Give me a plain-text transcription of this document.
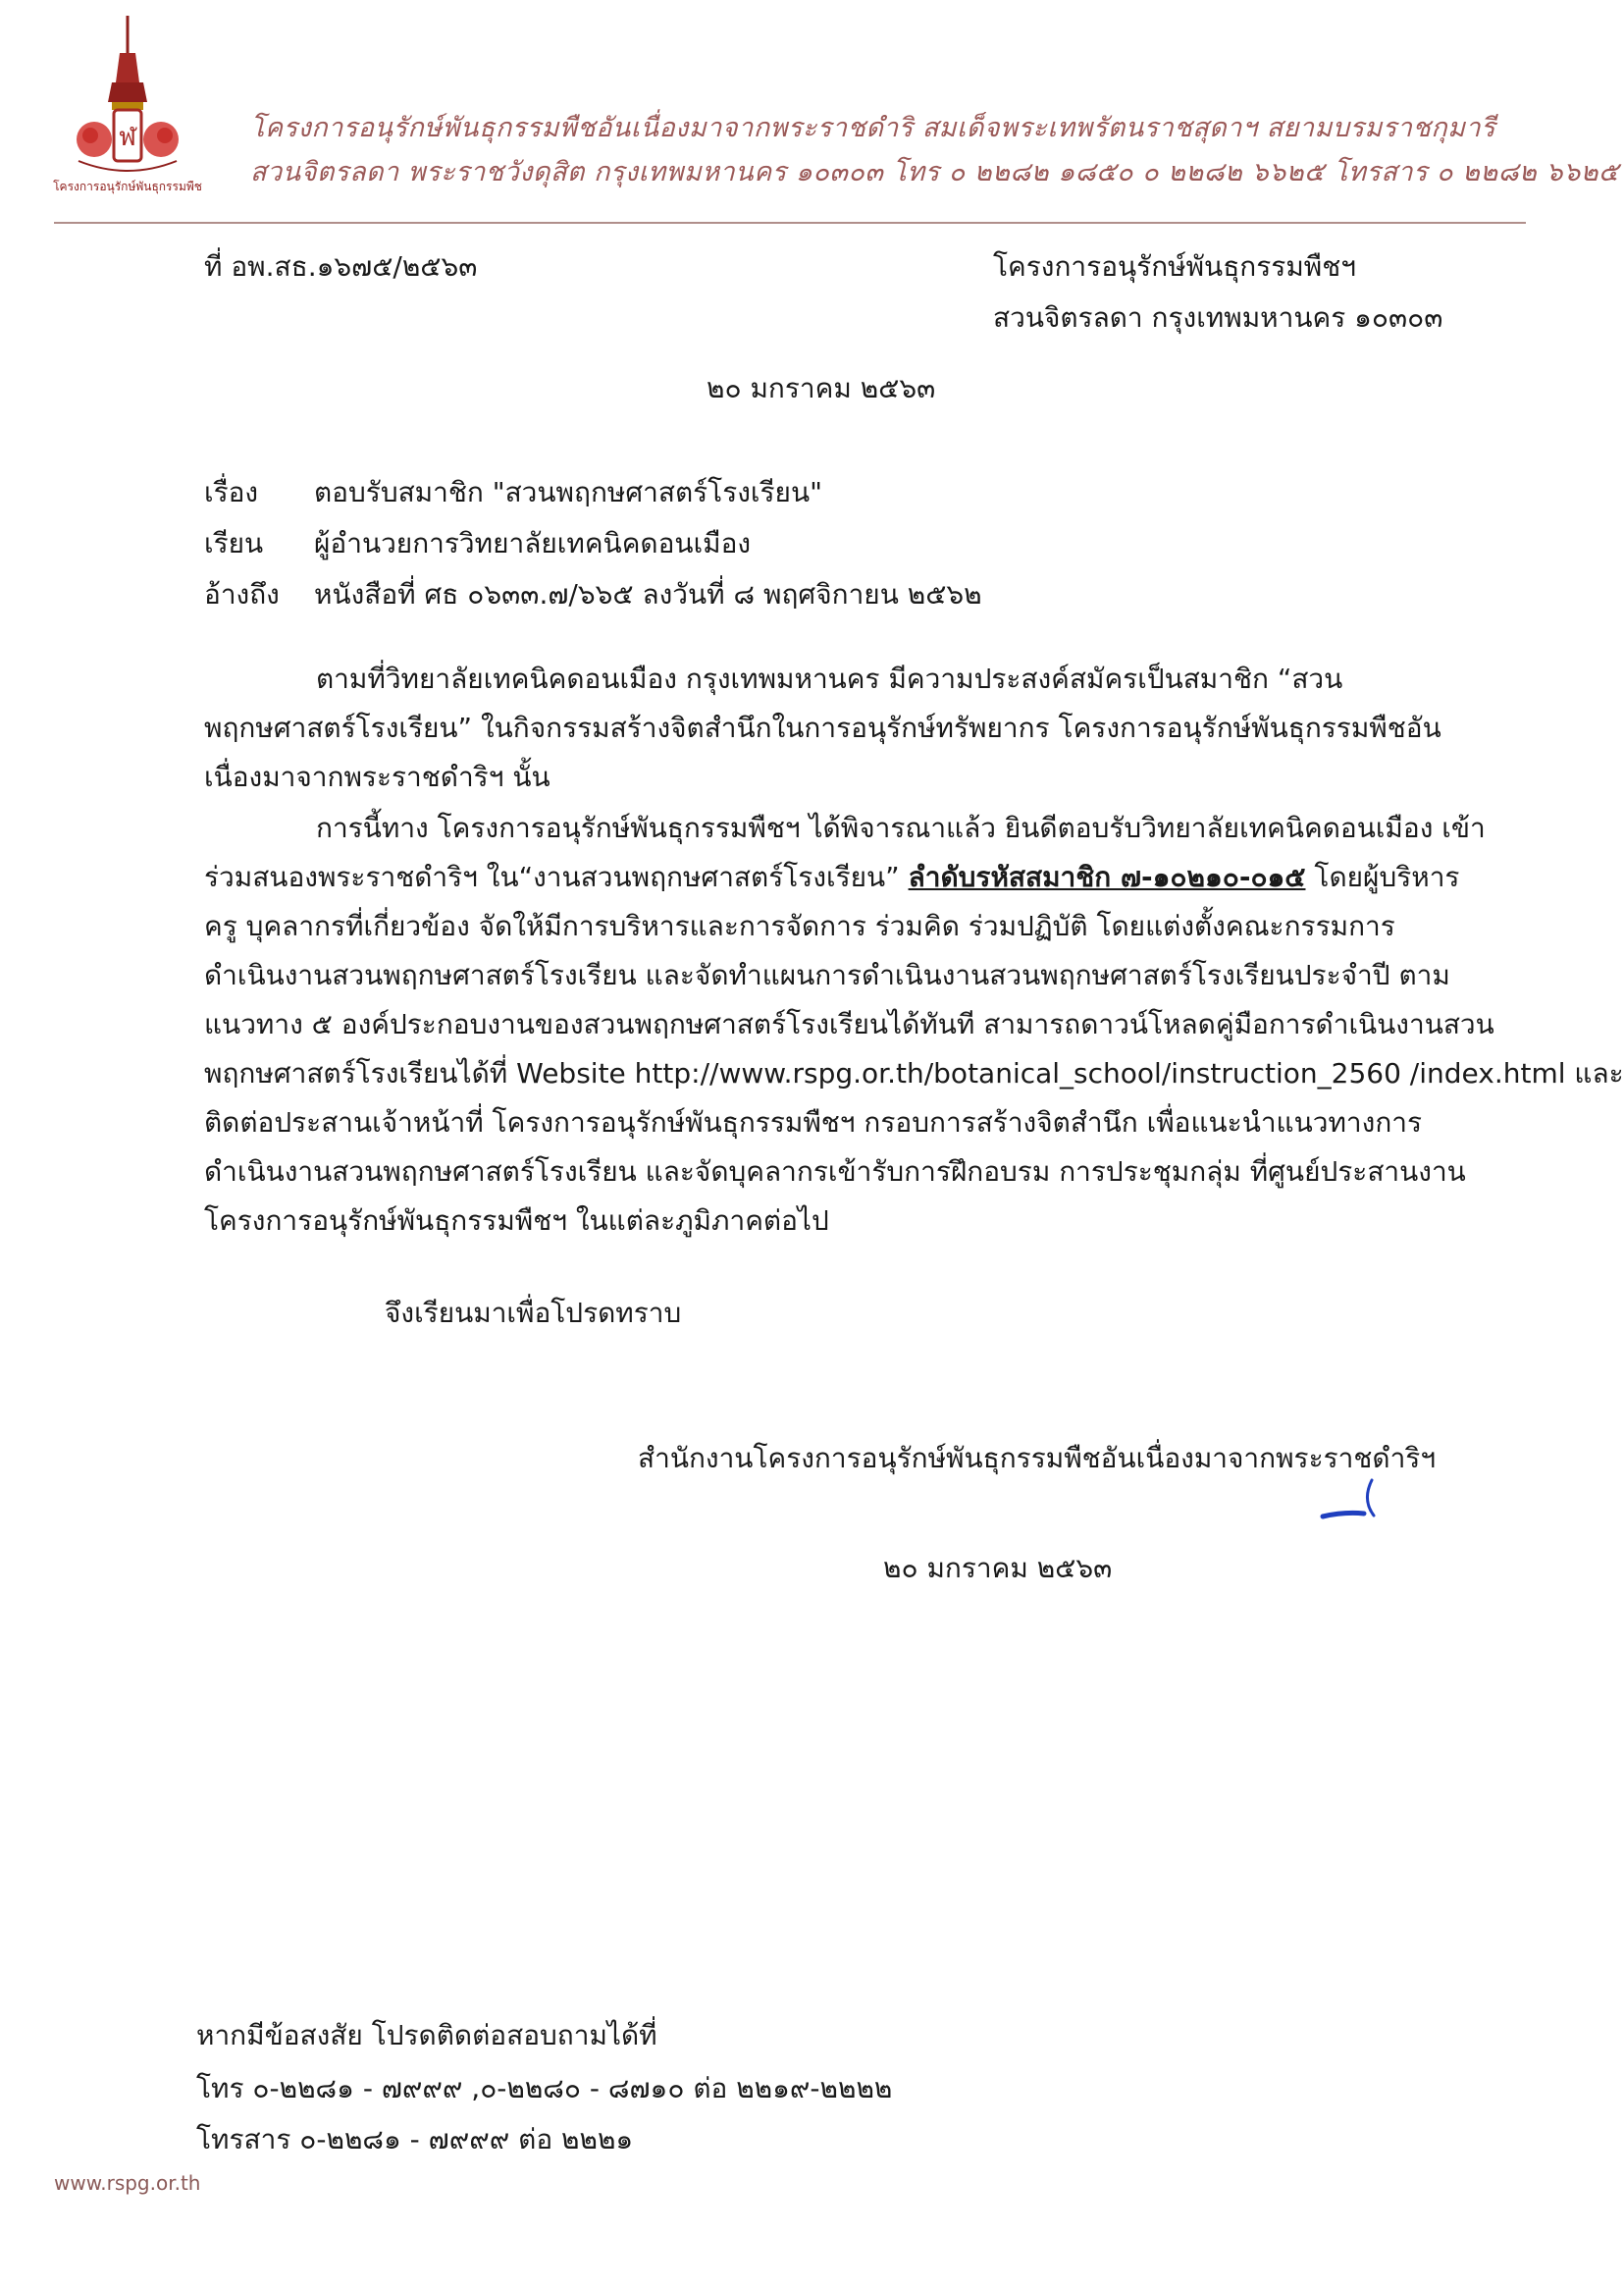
ฬ
โครงการอนุรักษ์พันธุกรรมพืช
โครงการอนุรักษ์พันธุกรรมพืชอันเนื่องมาจากพระราชดำริ สมเด็จพระเทพรัตนราชสุดาฯ สยามบรมราชกุมารี
สวนจิตรลดา พระราชวังดุสิต กรุงเทพมหานคร ๑๐๓๐๓ โทร ๐ ๒๒๘๒ ๑๘๕๐ ๐ ๒๒๘๒ ๖๖๒๕ โทรสาร ๐ ๒๒๘๒ ๖๖๒๕
ที่ อพ.สธ.๑๖๗๕/๒๕๖๓	โครงการอนุรักษ์พันธุกรรมพืชฯ
สวนจิตรลดา กรุงเทพมหานคร ๑๐๓๐๓
๒๐ มกราคม ๒๕๖๓
เรื่อง ตอบรับสมาชิก "สวนพฤกษศาสตร์โรงเรียน"
เรียน ผู้อำนวยการวิทยาลัยเทคนิคดอนเมือง
อ้างถึง หนังสือที่ ศธ ๐๖๓๓.๗/๖๖๕ ลงวันที่ ๘ พฤศจิกายน ๒๕๖๒
ตามที่วิทยาลัยเทคนิคดอนเมือง กรุงเทพมหานคร มีความประสงค์สมัครเป็นสมาชิก “สวน
พฤกษศาสตร์โรงเรียน” ในกิจกรรมสร้างจิตสำนึกในการอนุรักษ์ทรัพยากร โครงการอนุรักษ์พันธุกรรมพืชอัน
เนื่องมาจากพระราชดำริฯ นั้น
การนี้ทาง โครงการอนุรักษ์พันธุกรรมพืชฯ ได้พิจารณาแล้ว ยินดีตอบรับวิทยาลัยเทคนิคดอนเมือง เข้า
ร่วมสนองพระราชดำริฯ ใน“งานสวนพฤกษศาสตร์โรงเรียน” ลำดับรหัสสมาชิก ๗-๑๐๒๑๐-๐๑๕ โดยผู้บริหาร
ครู บุคลากรที่เกี่ยวข้อง จัดให้มีการบริหารและการจัดการ ร่วมคิด ร่วมปฏิบัติ โดยแต่งตั้งคณะกรรมการ
ดำเนินงานสวนพฤกษศาสตร์โรงเรียน และจัดทำแผนการดำเนินงานสวนพฤกษศาสตร์โรงเรียนประจำปี ตาม
แนวทาง ๕ องค์ประกอบงานของสวนพฤกษศาสตร์โรงเรียนได้ทันที สามารถดาวน์โหลดคู่มือการดำเนินงานสวน
พฤกษศาสตร์โรงเรียนได้ที่ Website http://www.rspg.or.th/botanical_school/instruction_2560 /index.html และ
ติดต่อประสานเจ้าหน้าที่ โครงการอนุรักษ์พันธุกรรมพืชฯ กรอบการสร้างจิตสำนึก เพื่อแนะนำแนวทางการ
ดำเนินงานสวนพฤกษศาสตร์โรงเรียน และจัดบุคลากรเข้ารับการฝึกอบรม การประชุมกลุ่ม ที่ศูนย์ประสานงาน
โครงการอนุรักษ์พันธุกรรมพืชฯ ในแต่ละภูมิภาคต่อไป
จึงเรียนมาเพื่อโปรดทราบ
สำนักงานโครงการอนุรักษ์พันธุกรรมพืชอันเนื่องมาจากพระราชดำริฯ
๒๐ มกราคม ๒๕๖๓
หากมีข้อสงสัย โปรดติดต่อสอบถามได้ที่
โทร ๐-๒๒๘๑ - ๗๙๙๙ ,๐-๒๒๘๐ - ๘๗๑๐ ต่อ ๒๒๑๙-๒๒๒๒
โทรสาร ๐-๒๒๘๑ - ๗๙๙๙ ต่อ ๒๒๒๑
www.rspg.or.th
